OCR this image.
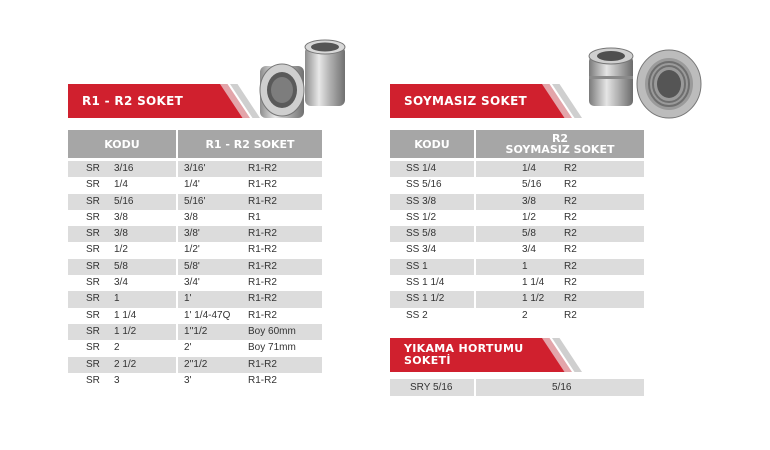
R1 - R2 SOKET
KODU	R1 - R2 SOKET
SR 3/16	3/16'	R1-R2
SR 1/4	1/4'	R1-R2
SR 5/16	5/16'	R1-R2
SR 3/8	3/8	R1
SR 3/8	3/8'	R1-R2
SR 1/2	1/2'	R1-R2
SR 5/8	5/8'	R1-R2
SR 3/4	3/4'	R1-R2
SR 1	1'	R1-R2
SR 1 1/4	1' 1/4-47Q R1-R2
SR 1 1/2	1''1/2	Boy 60mm
SR 2	2'	Boy 71mm
SR 2 1/2	2''1/2	R1-R2
SR 3	3'	R1-R2
SOYMASIZ SOKET
KODU	R2
SOYMASIZ SOKET
SS 1/4	1/4	R2
SS 5/16	5/16 R2
SS 3/8	3/8	R2
SS 1/2	1/2	R2
SS 5/8	5/8	R2
SS 3/4	3/4	R2
SS 1	1	R2
SS 1 1/4	1 1/4 R2
SS 1 1/2	1 1/2 R2
SS 2	2	R2
YIKAMA HORTUMU
SOKETİ
SRY 5/16	5/16
